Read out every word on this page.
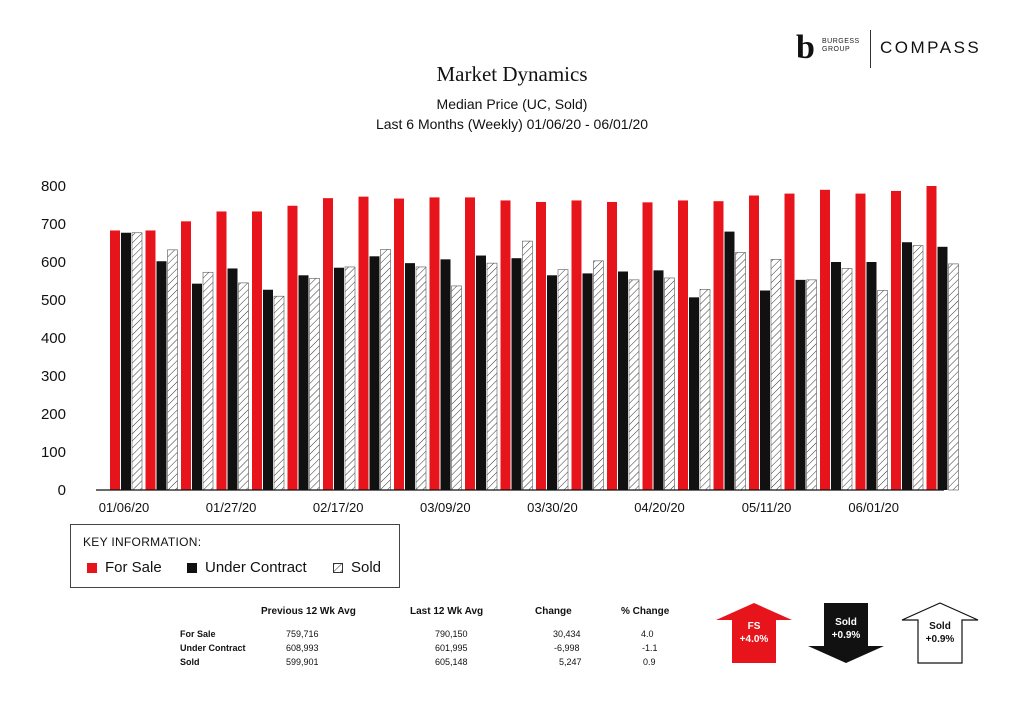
b BURGESS
GROUP	COMPASS
Market Dynamics
Median Price (UC, Sold)
Last 6 Months (Weekly) 01/06/20 - 06/01/20
0
100
200
300
400
500
600
700
800
01/06/20	01/27/20	02/17/20	03/09/20	03/30/20	04/20/20	05/11/20	06/01/20
KEY INFORMATION:
For Sale	Under Contract	Sold
Previous 12 Wk Avg	Last 12 Wk Avg	Change	% Change
For Sale	759,716	790,150	30,434	4.0
Under Contract	608,993	601,995	-6,998	-1.1
Sold	599,901	605,148	5,247	0.9
FS
+4.0%
Sold
+0.9%
Sold
+0.9%
